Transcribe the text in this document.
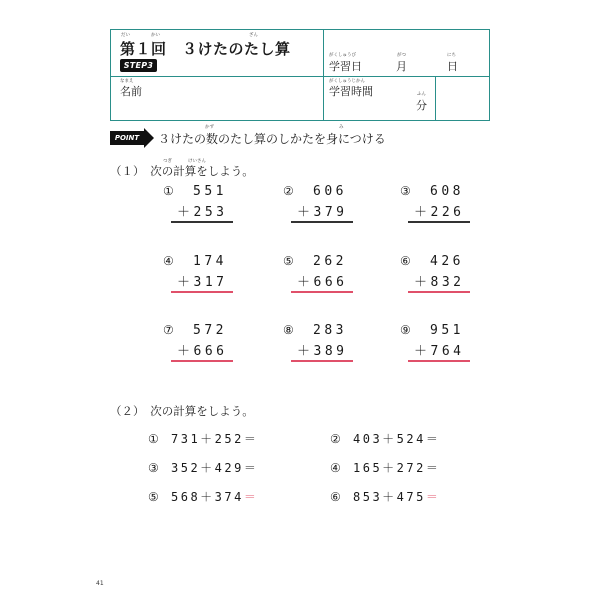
だい	かい	ざん
第１回　３けたのたし算
STEP3
がくしゅうび
学習日
がつ
月
にち
日
なまえ
名前
がくしゅうじかん
学習時間	ふん
分
POINT
かず	み
３けたの数のたし算のしかたを身につける
つぎ	けいさん
（１）　次の計算をしよう。
① 551
＋253
② 606
＋379
③ 608
＋226
④ 174
＋317
⑤ 262
＋666
⑥ 426
＋832
⑦ 572
＋666
⑧ 283
＋389
⑨ 951
＋764
（２）　次の計算をしよう。
① 731＋252＝	② 403＋524＝
③ 352＋429＝	④ 165＋272＝
⑤ 568＋374＝	⑥ 853＋475＝
41
